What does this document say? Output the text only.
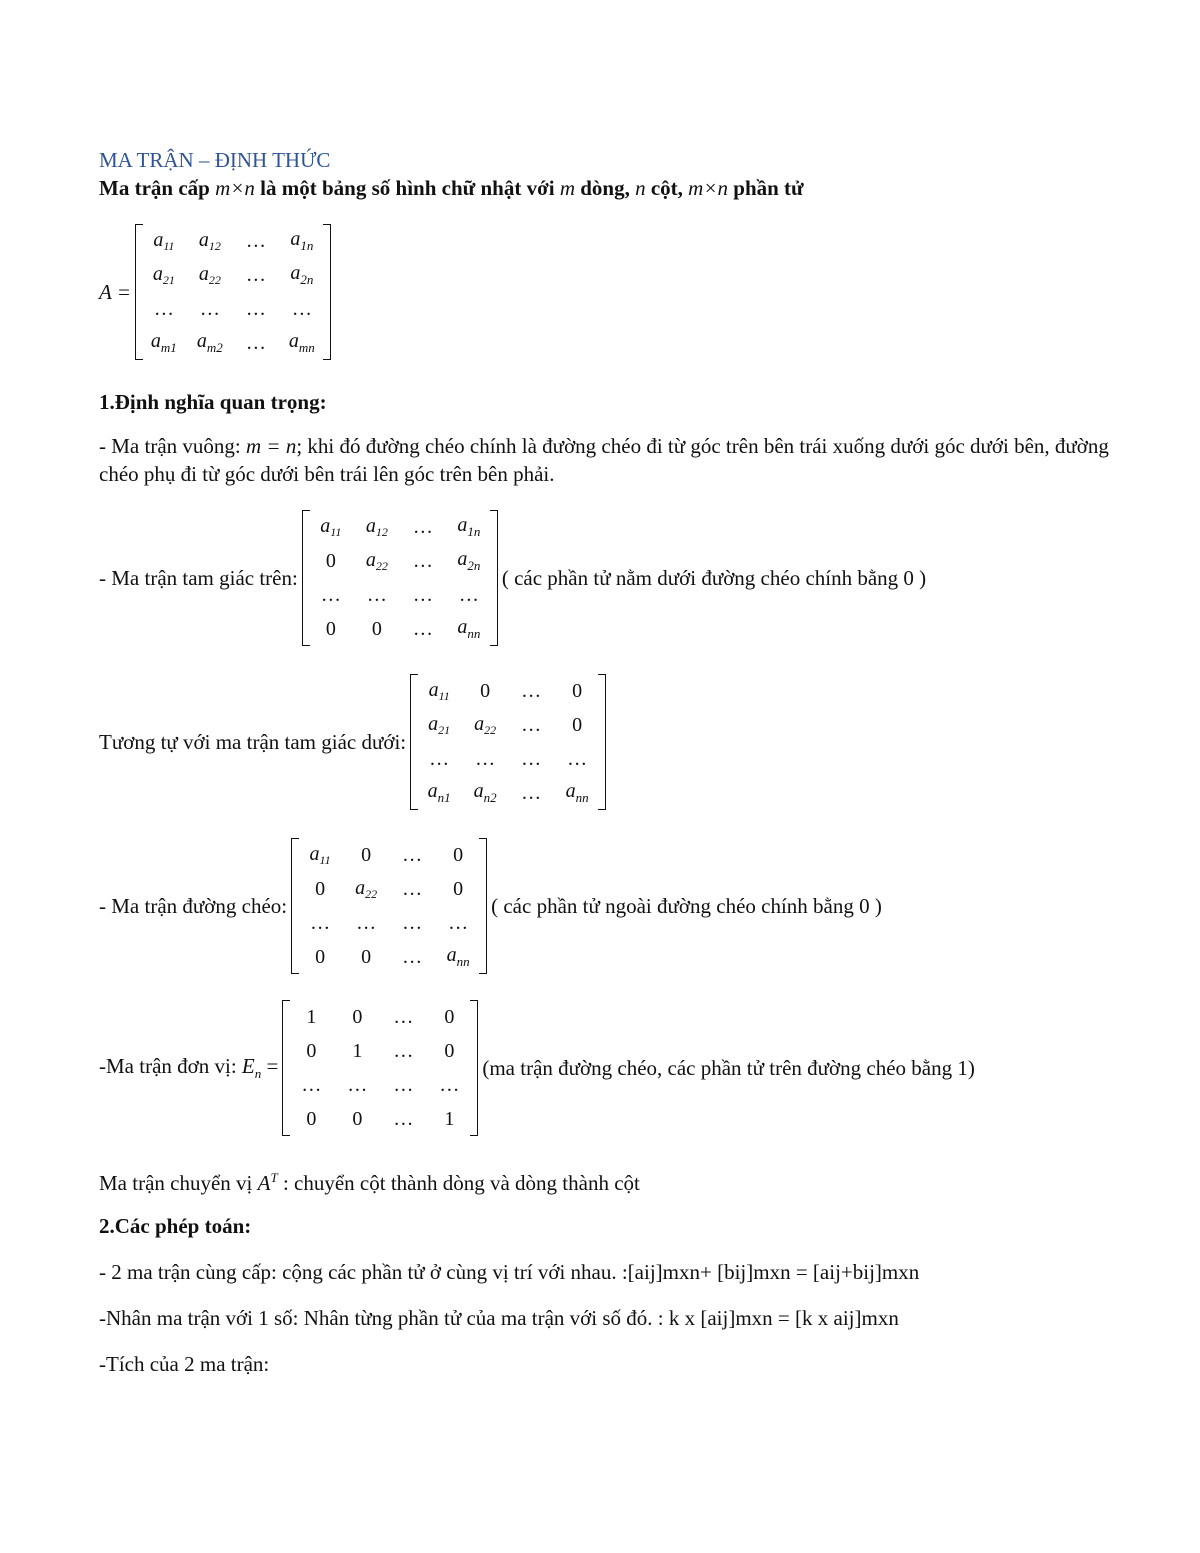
MA TRẬN – ĐỊNH THỨC
Ma trận cấp m×n là một bảng số hình chữ nhật với m dòng, n cột, m×n phần tử
A =
$a_{11}$	$a_{12}$	…	$a_{1n}$
$a_{21}$	$a_{22}$	…	$a_{2n}$
…	…	…	…
$a_{m1}$	$a_{m2}$	…	$a_{mn}$
1.Định nghĩa quan trọng:
- Ma trận vuông: m = n; khi đó đường chéo chính là đường chéo đi từ góc trên bên trái xuống dưới góc dưới bên, đường chéo phụ đi từ góc dưới bên trái lên góc trên bên phải.
- Ma trận tam giác trên:
$a_{11}$	$a_{12}$	…	$a_{1n}$
0	$a_{22}$	…	$a_{2n}$
…	…	…	…
0	0	…	$a_{nn}$
( các phần tử nằm dưới đường chéo chính bằng 0 )
Tương tự với ma trận tam giác dưới:
$a_{11}$	0	…	0
$a_{21}$	$a_{22}$	…	0
…	…	…	…
$a_{n1}$	$a_{n2}$	…	$a_{nn}$
- Ma trận đường chéo:
$a_{11}$	0	…	0
0	$a_{22}$	…	0
…	…	…	…
0	0	…	$a_{nn}$
( các phần tử ngoài đường chéo chính bằng 0 )
-Ma trận đơn vị: $E_n$ =
1	0	…	0
0	1	…	0
…	…	…	…
0	0	…	1
(ma trận đường chéo, các phần tử trên đường chéo bằng 1)
Ma trận chuyển vị $A^T$ : chuyển cột thành dòng và dòng thành cột
2.Các phép toán:
- 2 ma trận cùng cấp: cộng các phần tử ở cùng vị trí với nhau. :[aij]mxn+ [bij]mxn = [aij+bij]mxn
-Nhân ma trận với 1 số: Nhân từng phần tử của ma trận với số đó. : k x [aij]mxn = [k x aij]mxn
-Tích của 2 ma trận:
